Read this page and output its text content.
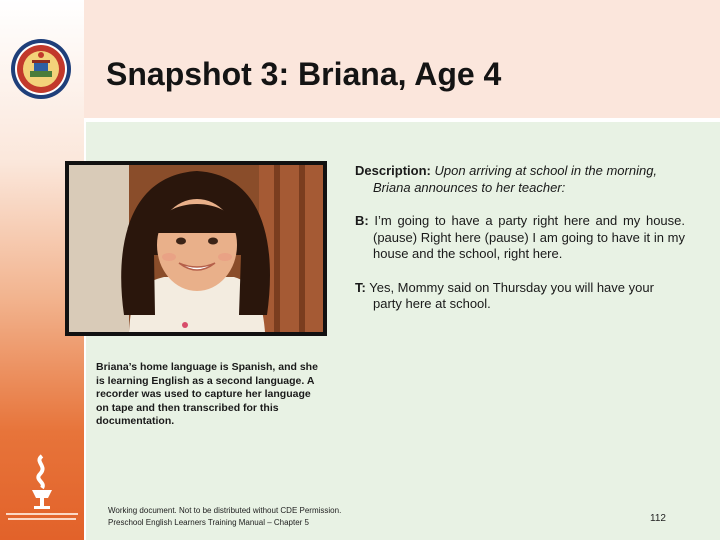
Snapshot 3: Briana, Age 4

Description: Upon arriving at school in the morning, Briana announces to her teacher:

B: I’m going to have a party right here and my house. (pause) Right here (pause) I am going to have it in my house and the school, right here.

T: Yes, Mommy said on Thursday you will have your party here at school.

Briana’s home language is Spanish, and she is learning English as a second language. A recorder was used to capture her language on tape and then transcribed for this documentation.
Working document. Not to be distributed without CDE Permission.
Preschool English Learners Training Manual – Chapter 5	112
